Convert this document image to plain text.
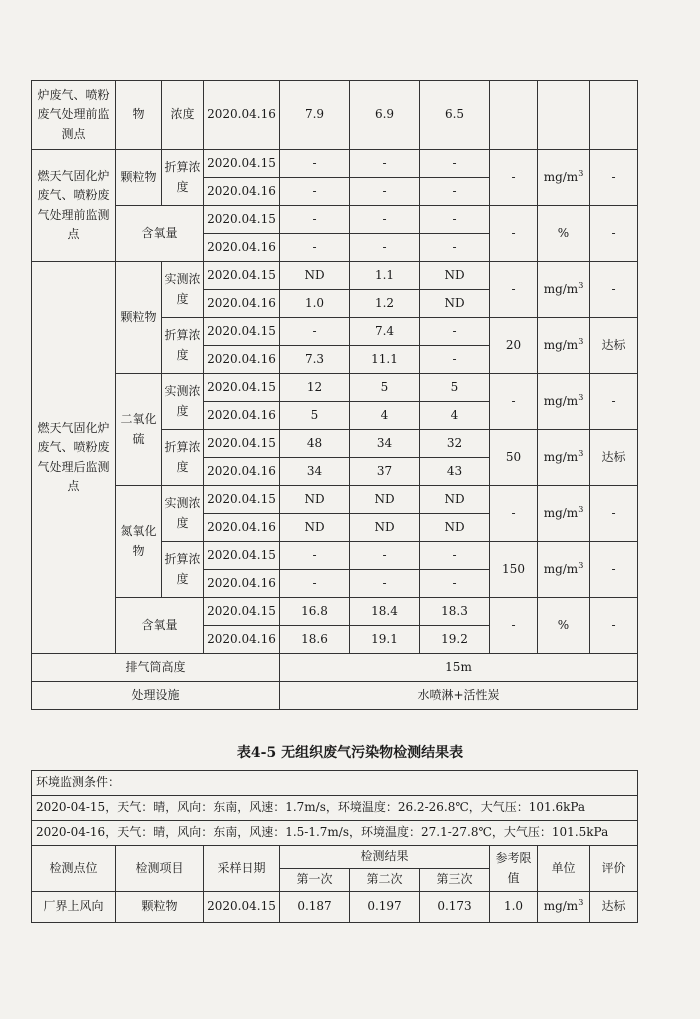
炉废气、喷粉废气处理前监测点	物	浓度	2020.04.16	7.9	6.9	6.5			
燃天气固化炉废气、喷粉废气处理前监测点	颗粒物	折算浓度	2020.04.15	-	-	-	-	$mg/m^3$	-
			2020.04.16	-	-	-			
	含氧量		2020.04.15	-	-	-	-	%	-
			2020.04.16	-	-	-			
燃天气固化炉废气、喷粉废气处理后监测点	颗粒物	实测浓度	2020.04.15	ND	1.1	ND	-	$mg/m^3$	-
			2020.04.16	1.0	1.2	ND			
		折算浓度	2020.04.15	-	7.4	-	20	$mg/m^3$	达标
			2020.04.16	7.3	11.1	-			
	二氧化硫	实测浓度	2020.04.15	12	5	5	-	$mg/m^3$	-
			2020.04.16	5	4	4			
		折算浓度	2020.04.15	48	34	32	50	$mg/m^3$	达标
			2020.04.16	34	37	43			
	氮氧化物	实测浓度	2020.04.15	ND	ND	ND	-	$mg/m^3$	-
			2020.04.16	ND	ND	ND			
		折算浓度	2020.04.15	-	-	-	150	$mg/m^3$	-
			2020.04.16	-	-	-			
	含氧量		2020.04.15	16.8	18.4	18.3	-	%	-
			2020.04.16	18.6	19.1	19.2			
排气筒高度				15m					
处理设施				水喷淋+活性炭					
表4-5 无组织废气污染物检测结果表
环境监测条件：								
2020-04-15，天气：晴，风向：东南，风速：1.7m/s，环境温度：26.2-26.8℃，大气压：101.6kPa								
2020-04-16，天气：晴，风向：东南，风速：1.5-1.7m/s，环境温度：27.1-27.8℃，大气压：101.5kPa								
检测点位	检测项目	采样日期	检测结果			参考限值	单位	评价
			第一次	第二次	第三次			
厂界上风向	颗粒物	2020.04.15	0.187	0.197	0.173	1.0	$mg/m^3$	达标
